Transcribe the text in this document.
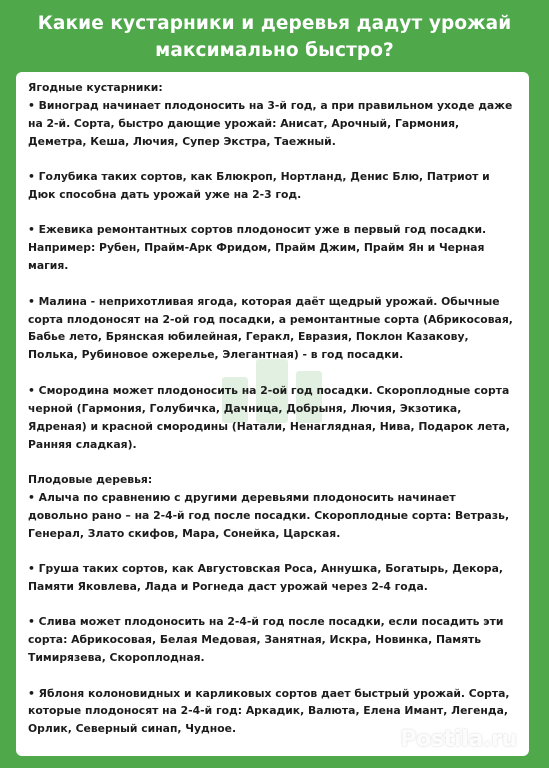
Какие кустарники и деревья дадут урожай
максимально быстро?

Ягодные кустарники:

• Виноград начинает плодоносить на 3-й год, а при правильном уходе даже на 2-й. Сорта, быстро дающие урожай: Анисат, Арочный, Гармония, Деметра, Кеша, Лючия, Супер Экстра, Таежный.

• Голубика таких сортов, как Блюкроп, Нортланд, Денис Блю, Патриот и Дюк способна дать урожай уже на 2-3 год.

• Ежевика ремонтантных сортов плодоносит уже в первый год посадки. Например: Рубен, Прайм-Арк Фридом, Прайм Джим, Прайм Ян и Черная магия.

• Малина - неприхотливая ягода, которая даёт щедрый урожай. Обычные сорта плодоносят на 2-ой год посадки, а ремонтантные сорта (Абрикосовая, Бабье лето, Брянская юбилейная, Геракл, Евразия, Поклон Казакову, Полька, Рубиновое ожерелье, Элегантная) - в год посадки.

• Смородина может плодоносить на 2-ой год посадки. Скороплодные сорта черной (Гармония, Голубичка, Дачница, Добрыня, Лючия, Экзотика, Ядреная) и красной смородины (Натали, Ненаглядная, Нива, Подарок лета, Ранняя сладкая).

Плодовые деревья:

• Алыча по сравнению с другими деревьями плодоносить начинает довольно рано – на 2-4-й год после посадки. Скороплодные сорта: Ветразь, Генерал, Злато скифов, Мара, Сонейка, Царская.

• Груша таких сортов, как Августовская Роса, Аннушка, Богатырь, Декора, Памяти Яковлева, Лада и Рогнеда даст урожай через 2-4 года.

• Слива может плодоносить на 2-4-й год после посадки, если посадить эти сорта: Абрикосовая, Белая Медовая, Занятная, Искра, Новинка, Память Тимирязева, Скороплодная.

• Яблоня колоновидных и карликовых сортов дает быстрый урожай. Сорта, которые плодоносят на 2-4-й год: Аркадик, Валюта, Елена Имант, Легенда, Орлик, Северный синап, Чудное.	Postila.ru
